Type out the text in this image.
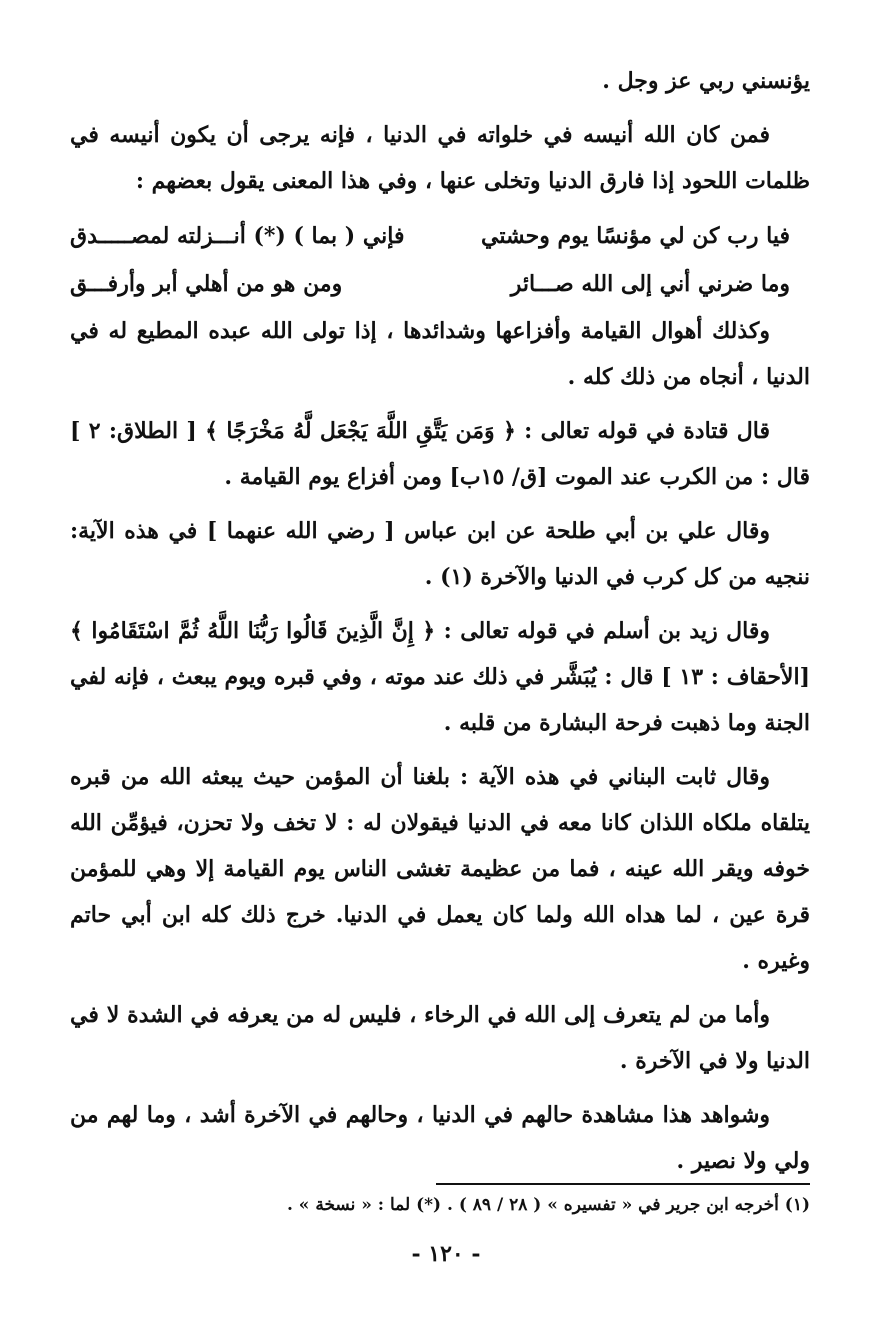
يؤنسني ربي عز وجل .

فمن كان الله أنيسه في خلواته في الدنيا ، فإنه يرجى أن يكون أنيسه في ظلمات اللحود إذا فارق الدنيا وتخلى عنها ، وفي هذا المعنى يقول بعضهم :

فيا رب كن لي مؤنسًا يوم وحشتي
فإني ( بما ) (*) أنـــزلته لمصـــــدق
وما ضرني أني إلى الله صـــائر
ومن هو من أهلي أبر وأرفـــق

وكذلك أهوال القيامة وأفزاعها وشدائدها ، إذا تولى الله عبده المطيع له في الدنيا ، أنجاه من ذلك كله .

قال قتادة في قوله تعالى : ﴿ وَمَن يَتَّقِ اللَّهَ يَجْعَل لَّهُ مَخْرَجًا ﴾ [ الطلاق: ٢ ] قال : من الكرب عند الموت [ق/ ١٥ب] ومن أفزاع يوم القيامة .

وقال علي بن أبي طلحة عن ابن عباس [ رضي الله عنهما ] في هذه الآية: ننجيه من كل كرب في الدنيا والآخرة (١) .

وقال زيد بن أسلم في قوله تعالى : ﴿ إِنَّ الَّذِينَ قَالُوا رَبُّنَا اللَّهُ ثُمَّ اسْتَقَامُوا ﴾ [الأحقاف : ١٣ ] قال : يُبَشَّر في ذلك عند موته ، وفي قبره ويوم يبعث ، فإنه لفي الجنة وما ذهبت فرحة البشارة من قلبه .

وقال ثابت البناني في هذه الآية : بلغنا أن المؤمن حيث يبعثه الله من قبره يتلقاه ملكاه اللذان كانا معه في الدنيا فيقولان له : لا تخف ولا تحزن، فيؤمِّن الله خوفه ويقر الله عينه ، فما من عظيمة تغشى الناس يوم القيامة إلا وهي للمؤمن قرة عين ، لما هداه الله ولما كان يعمل في الدنيا. خرج ذلك كله ابن أبي حاتم وغيره .

وأما من لم يتعرف إلى الله في الرخاء ، فليس له من يعرفه في الشدة لا في الدنيا ولا في الآخرة .

وشواهد هذا مشاهدة حالهم في الدنيا ، وحالهم في الآخرة أشد ، وما لهم من ولي ولا نصير .

(١) أخرجه ابن جرير في « تفسيره » ( ٢٨ / ٨٩ ) . (*) لما : « نسخة » .
- ١٢٠ -
